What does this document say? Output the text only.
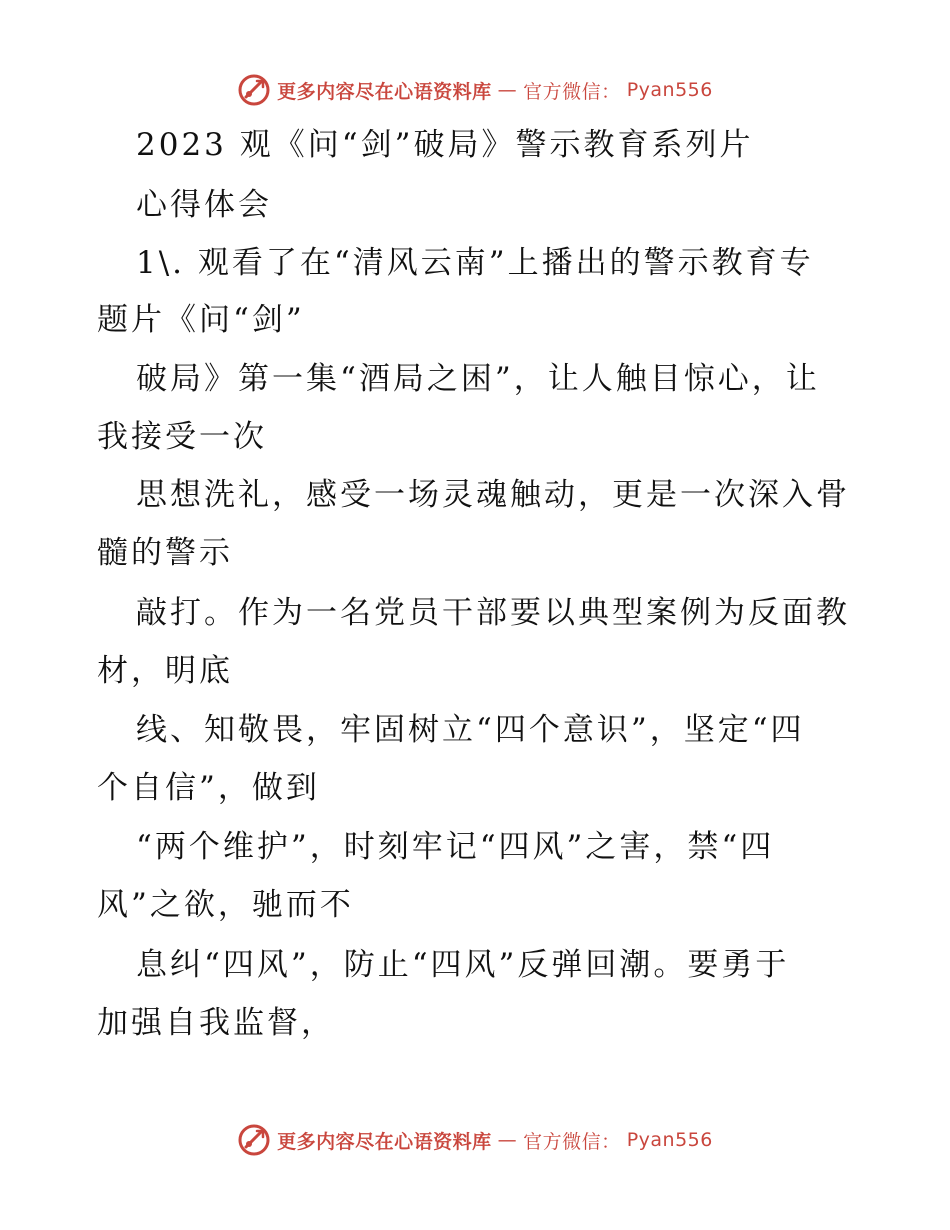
更多内容尽在心语资料库 — 官方微信： Pyan556
2023 观《问“剑”破局》警示教育系列片
心得体会
1\. 观看了在“清风云南”上播出的警示教育专
题片《问“剑”
破局》第一集“酒局之困”，让人触目惊心，让
我接受一次
思想洗礼，感受一场灵魂触动，更是一次深入骨
髓的警示
敲打。作为一名党员干部要以典型案例为反面教
材，明底
线、知敬畏，牢固树立“四个意识”，坚定“四
个自信”，做到
“两个维护”，时刻牢记“四风”之害，禁“四
风”之欲，驰而不
息纠“四风”，防止“四风”反弹回潮。要勇于
加强自我监督，
更多内容尽在心语资料库 — 官方微信： Pyan556
